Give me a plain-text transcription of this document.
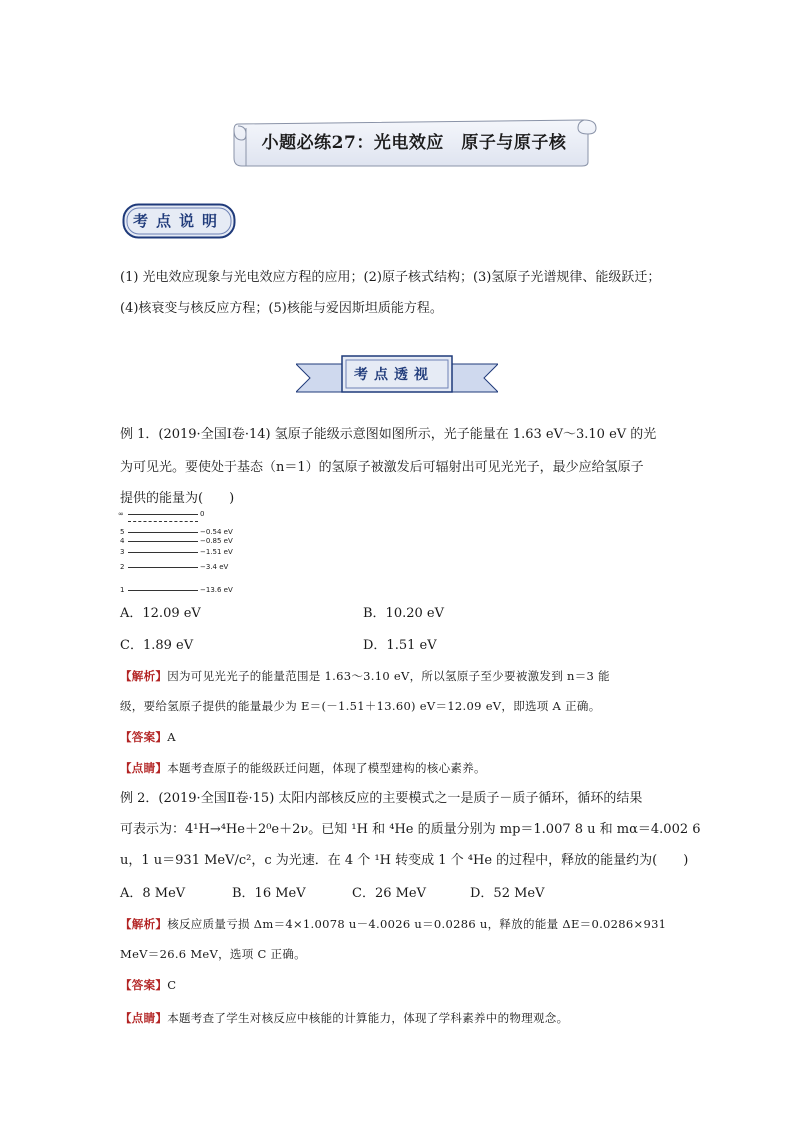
小题必练27：光电效应　原子与原子核
考点说明
(1) 光电效应现象与光电效应方程的应用；(2)原子核式结构；(3)氢原子光谱规律、能级跃迁；
(4)核衰变与核反应方程；(5)核能与爱因斯坦质能方程。
考点透视
例 1．(2019·全国Ⅰ卷·14) 氢原子能级示意图如图所示，光子能量在 1.63 eV～3.10 eV 的光
为可见光。要使处于基态（n＝1）的氢原子被激发后可辐射出可见光光子，最少应给氢原子
提供的能量为(　　)
∞	0
5	−0.54 eV
4	−0.85 eV
3	−1.51 eV
2	−3.4 eV
1	−13.6 eV
A．12.09 eV	B．10.20 eV
C．1.89 eV	D．1.51 eV
【解析】因为可见光光子的能量范围是 1.63～3.10 eV，所以氢原子至少要被激发到 n＝3 能
级，要给氢原子提供的能量最少为 E＝(－1.51＋13.60) eV＝12.09 eV，即选项 A 正确。
【答案】A
【点睛】本题考查原子的能级跃迁问题，体现了模型建构的核心素养。
例 2．(2019·全国Ⅱ卷·15) 太阳内部核反应的主要模式之一是质子－质子循环，循环的结果
可表示为：4¹H→⁴He＋2⁰e＋2ν。已知 ¹H 和 ⁴He 的质量分别为 mp＝1.007 8 u 和 mα＝4.002 6
u，1 u＝931 MeV/c²，c 为光速．在 4 个 ¹H 转变成 1 个 ⁴He 的过程中，释放的能量约为(　　)
A．8 MeV	B．16 MeV	C．26 MeV	D．52 MeV
【解析】核反应质量亏损 Δm＝4×1.0078 u－4.0026 u＝0.0286 u，释放的能量 ΔE＝0.0286×931
MeV＝26.6 MeV，选项 C 正确。
【答案】C
【点睛】本题考查了学生对核反应中核能的计算能力，体现了学科素养中的物理观念。
